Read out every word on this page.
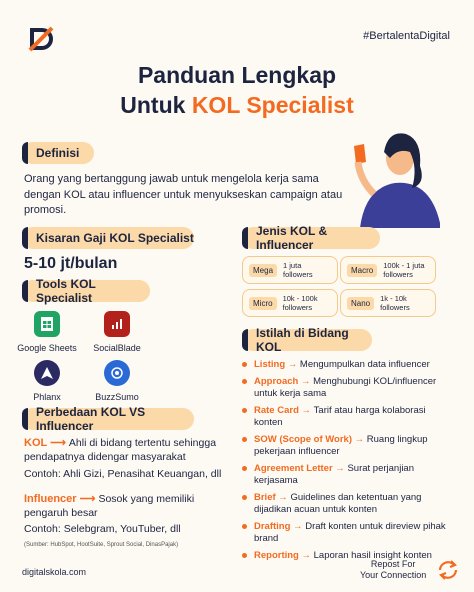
#BertalentaDigital
Panduan Lengkap
Untuk KOL Specialist
Definisi
Orang yang bertanggung jawab untuk mengelola kerja sama dengan KOL atau influencer untuk menyukseskan campaign atau promosi.
Kisaran Gaji KOL Specialist
5-10 jt/bulan
Tools KOL Specialist
Google Sheets	SocialBlade
Phlanx	BuzzSumo
Jenis KOL & Influencer
Mega	1 juta followers	Macro	100k - 1 juta followers
Micro	10k - 100k followers	Nano	1k - 10k followers
Istilah di Bidang KOL
Listing → Mengumpulkan data influencer
Approach → Menghubungi KOL/influencer untuk kerja sama
Rate Card → Tarif atau harga kolaborasi konten
SOW (Scope of Work) → Ruang lingkup pekerjaan influencer
Agreement Letter → Surat perjanjian kerjasama
Brief → Guidelines dan ketentuan yang dijadikan acuan untuk konten
Drafting → Draft konten untuk direview pihak brand
Reporting → Laporan hasil insight konten
Perbedaan KOL VS Influencer
KOL ⟶ Ahli di bidang tertentu sehingga pendapatnya didengar masyarakat
Contoh: Ahli Gizi, Penasihat Keuangan, dll
Influencer ⟶ Sosok yang memiliki pengaruh besar
Contoh: Selebgram, YouTuber, dll
(Sumber: HubSpot, HootSuite, Sprout Social, DinasPajak)
digitalskola.com
Repost For
Your Connection
